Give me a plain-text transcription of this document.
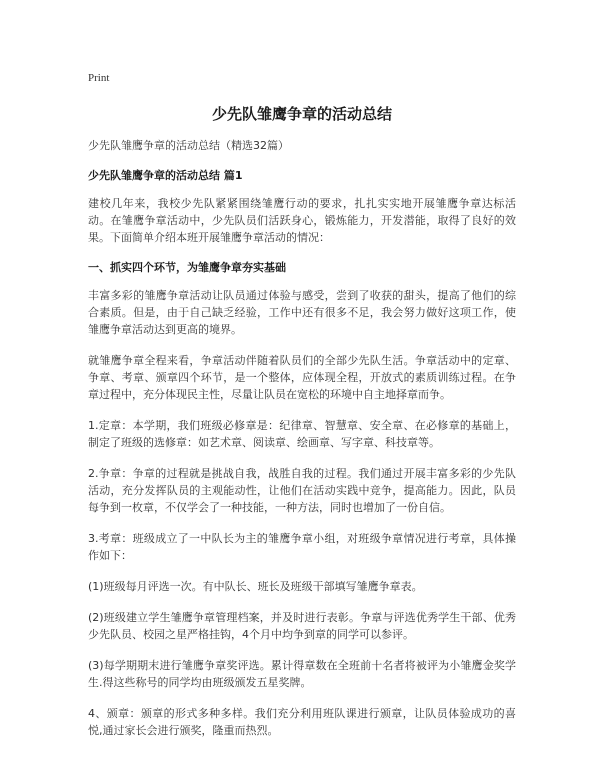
Print
少先队雏鹰争章的活动总结
少先队雏鹰争章的活动总结（精选32篇）
少先队雏鹰争章的活动总结 篇1

建校几年来，我校少先队紧紧围绕雏鹰行动的要求，扎扎实实地开展雏鹰争章达标活动。在雏鹰争章活动中，少先队员们活跃身心，锻炼能力，开发潜能，取得了良好的效果。下面简单介绍本班开展雏鹰争章活动的情况：

一、抓实四个环节，为雏鹰争章夯实基础

丰富多彩的雏鹰争章活动让队员通过体验与感受，尝到了收获的甜头，提高了他们的综合素质。但是，由于自己缺乏经验，工作中还有很多不足，我会努力做好这项工作，使雏鹰争章活动达到更高的境界。

就雏鹰争章全程来看，争章活动伴随着队员们的全部少先队生活。争章活动中的定章、争章、考章、颁章四个环节，是一个整体，应体现全程，开放式的素质训练过程。在争章过程中，充分体现民主性，尽量让队员在宽松的环境中自主地择章而争。

1.定章：本学期，我们班级必修章是：纪律章、智慧章、安全章、在必修章的基础上，制定了班级的选修章：如艺术章、阅读章、绘画章、写字章、科技章等。

2.争章：争章的过程就是挑战自我，战胜自我的过程。我们通过开展丰富多彩的少先队活动，充分发挥队员的主观能动性，让他们在活动实践中竞争，提高能力。因此，队员每争到一枚章，不仅学会了一种技能，一种方法，同时也增加了一份自信。

3.考章：班级成立了一中队长为主的雏鹰争章小组，对班级争章情况进行考章，具体操作如下：

(1)班级每月评选一次。有中队长、班长及班级干部填写雏鹰争章表。

(2)班级建立学生雏鹰争章管理档案，并及时进行表彰。争章与评选优秀学生干部、优秀少先队员、校园之星严格挂钩，4个月中均争到章的同学可以参评。

(3)每学期期末进行雏鹰争章奖评选。累计得章数在全班前十名者将被评为小雏鹰金奖学生.得这些称号的同学均由班级颁发五星奖牌。

4、颁章：颁章的形式多种多样。我们充分利用班队课进行颁章，让队员体验成功的喜悦,通过家长会进行颁奖，隆重而热烈。
